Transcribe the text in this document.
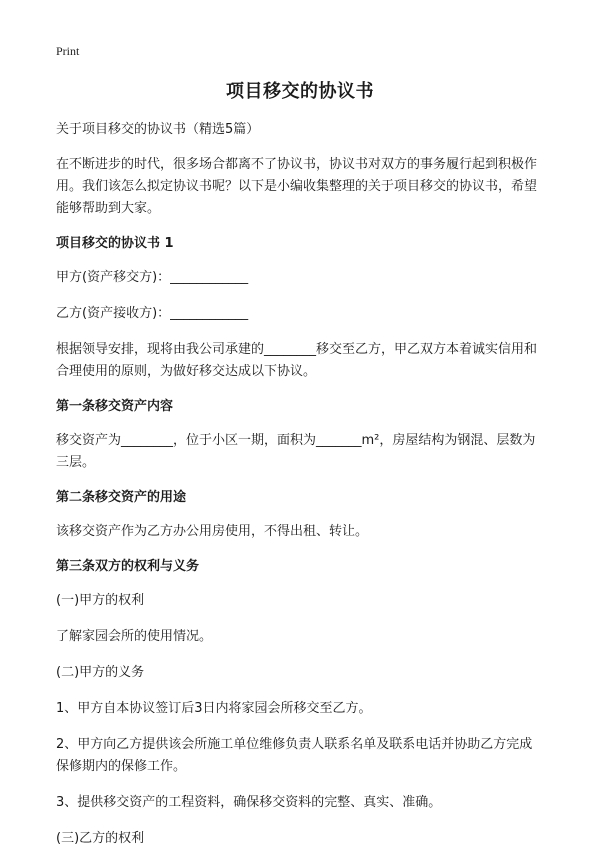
Print
项目移交的协议书

关于项目移交的协议书（精选5篇）

在不断进步的时代，很多场合都离不了协议书，协议书对双方的事务履行起到积极作用。我们该怎么拟定协议书呢？以下是小编收集整理的关于项目移交的协议书，希望能够帮助到大家。

项目移交的协议书 1

甲方(资产移交方)：____________

乙方(资产接收方)：____________

根据领导安排，现将由我公司承建的________移交至乙方，甲乙双方本着诚实信用和合理使用的原则，为做好移交达成以下协议。

第一条移交资产内容

移交资产为________，位于小区一期，面积为_______m²，房屋结构为钢混、层数为三层。

第二条移交资产的用途

该移交资产作为乙方办公用房使用，不得出租、转让。

第三条双方的权利与义务

(一)甲方的权利

了解家园会所的使用情况。

(二)甲方的义务

1、甲方自本协议签订后3日内将家园会所移交至乙方。

2、甲方向乙方提供该会所施工单位维修负责人联系名单及联系电话并协助乙方完成保修期内的保修工作。

3、提供移交资产的工程资料，确保移交资料的完整、真实、准确。

(三)乙方的权利
